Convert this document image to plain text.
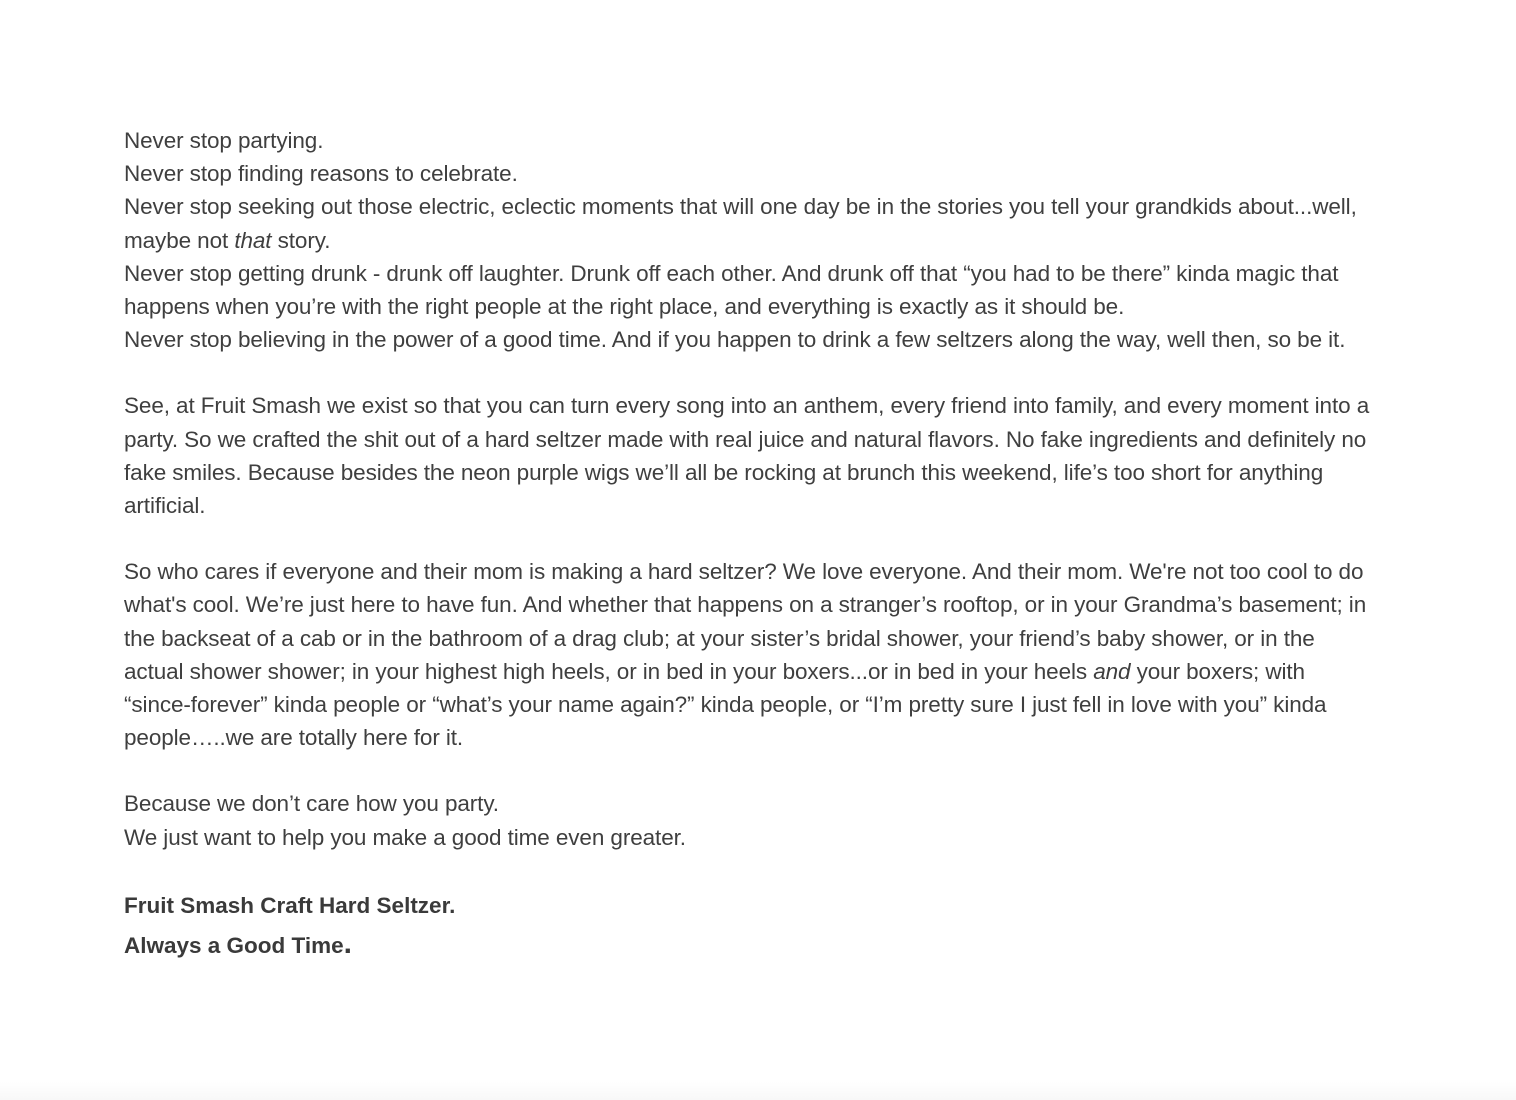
Never stop partying.
Never stop finding reasons to celebrate.
Never stop seeking out those electric, eclectic moments that will one day be in the stories you tell your grandkids about...well, maybe not that story.
Never stop getting drunk - drunk off laughter. Drunk off each other. And drunk off that “you had to be there” kinda magic that happens when you’re with the right people at the right place, and everything is exactly as it should be.
Never stop believing in the power of a good time. And if you happen to drink a few seltzers along the way, well then, so be it.

See, at Fruit Smash we exist so that you can turn every song into an anthem, every friend into family, and every moment into a party. So we crafted the shit out of a hard seltzer made with real juice and natural flavors. No fake ingredients and definitely no fake smiles. Because besides the neon purple wigs we’ll all be rocking at brunch this weekend, life’s too short for anything artificial.

So who cares if everyone and their mom is making a hard seltzer? We love everyone. And their mom. We're not too cool to do what's cool. We’re just here to have fun. And whether that happens on a stranger’s rooftop, or in your Grandma’s basement; in the backseat of a cab or in the bathroom of a drag club; at your sister’s bridal shower, your friend’s baby shower, or in the actual shower shower; in your highest high heels, or in bed in your boxers...or in bed in your heels and your boxers; with “since-forever” kinda people or “what’s your name again?” kinda people, or “I’m pretty sure I just fell in love with you” kinda people…..we are totally here for it.

Because we don’t care how you party.
We just want to help you make a good time even greater.

Fruit Smash Craft Hard Seltzer.

Always a Good Time.
